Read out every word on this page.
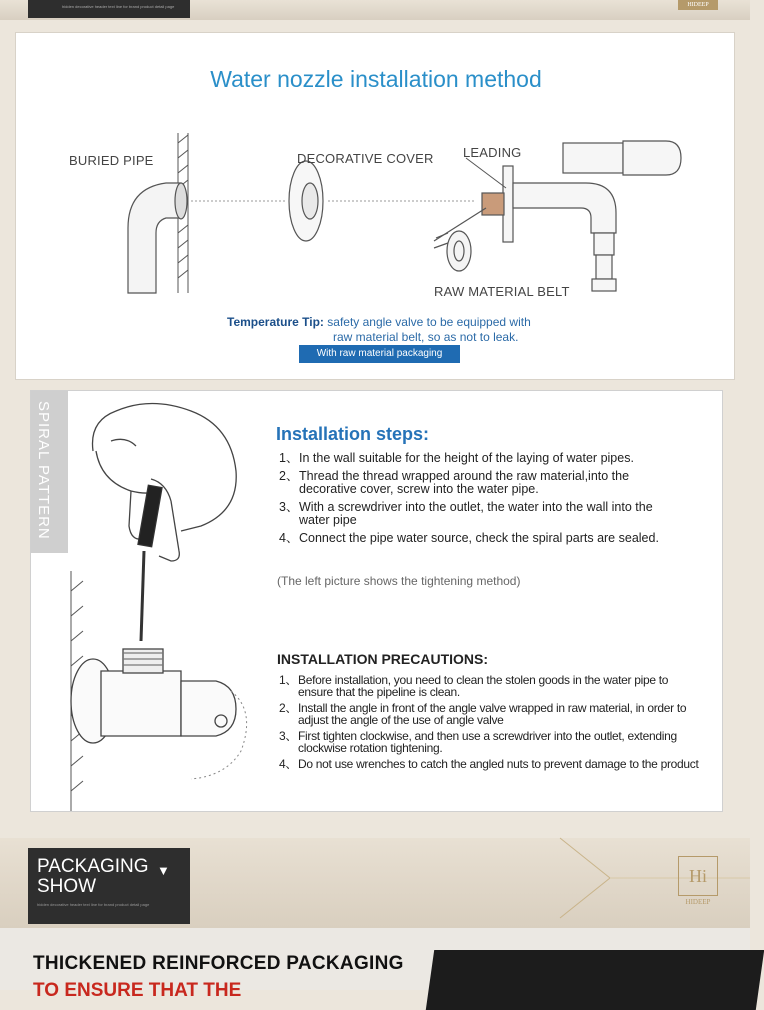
hidden decorative header text line for brand product detail page	HIDEEP
Water nozzle installation method
BURIED PIPE	DECORATIVE COVER LEADING
RAW MATERIAL BELT
Temperature Tip: safety angle valve to be equipped with
raw material belt, so as not to leak.
With raw material packaging
SPIRAL PATTERN	Installation steps:
1、 In the wall suitable for the height of the laying of water pipes.
2、 Thread the thread wrapped around the raw material,into the decorative cover, screw into the water pipe.
3、 With a screwdriver into the outlet, the water into the wall into the water pipe
4、 Connect the pipe water source, check the spiral parts are sealed.
(The left picture shows the tightening method)
INSTALLATION PRECAUTIONS:
1、 Before installation, you need to clean the stolen goods in the water pipe to ensure that the pipeline is clean.
2、 Install the angle in front of the angle valve wrapped in raw material, in order to adjust the angle of the use of angle valve
3、 First tighten clockwise, and then use a screwdriver into the outlet, extending clockwise rotation tightening.
4、 Do not use wrenches to catch the angled nuts to prevent damage to the product
PACKAGING
SHOW
▼
hidden decorative header text line for brand product detail page
Hi
HIDEEP
THICKENED REINFORCED PACKAGING
TO ENSURE THAT THE
